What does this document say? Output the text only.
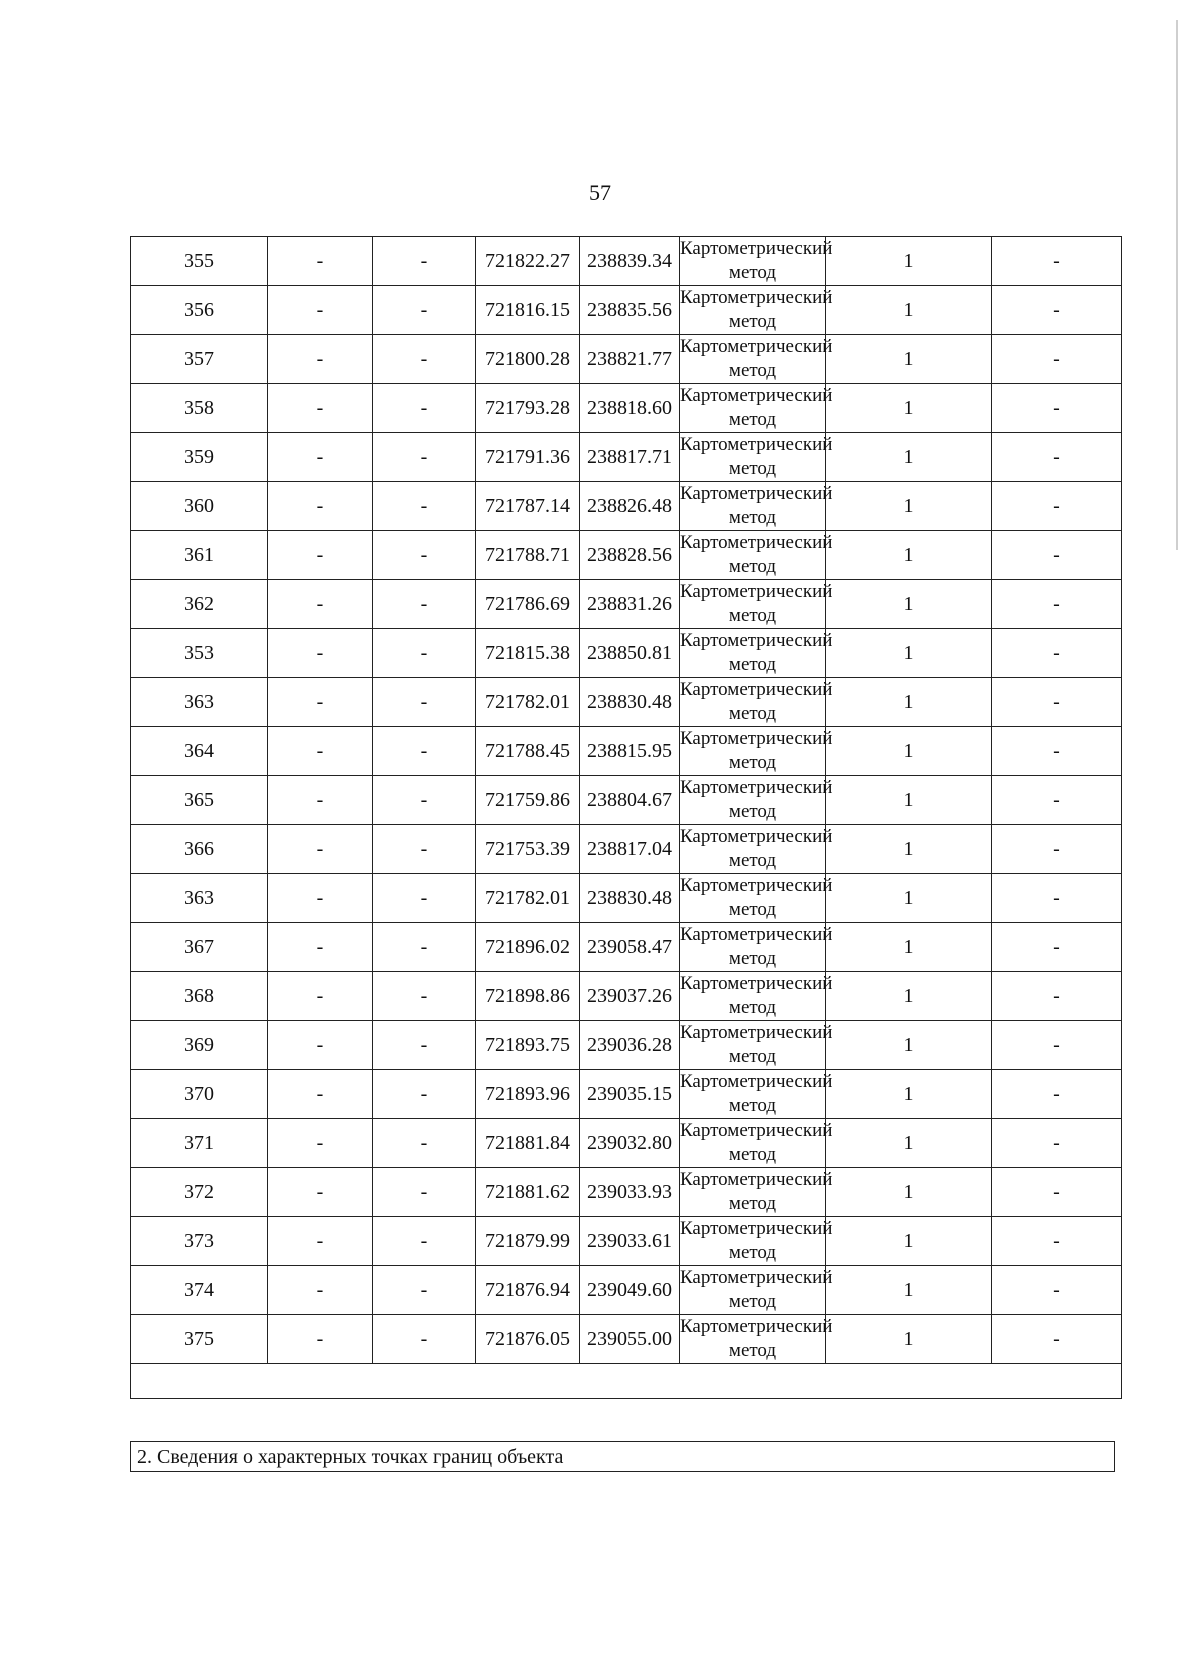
57
355	-	-	721822.27	238839.34	Картометрический метод	1	-
356	-	-	721816.15	238835.56	Картометрический метод	1	-
357	-	-	721800.28	238821.77	Картометрический метод	1	-
358	-	-	721793.28	238818.60	Картометрический метод	1	-
359	-	-	721791.36	238817.71	Картометрический метод	1	-
360	-	-	721787.14	238826.48	Картометрический метод	1	-
361	-	-	721788.71	238828.56	Картометрический метод	1	-
362	-	-	721786.69	238831.26	Картометрический метод	1	-
353	-	-	721815.38	238850.81	Картометрический метод	1	-
363	-	-	721782.01	238830.48	Картометрический метод	1	-
364	-	-	721788.45	238815.95	Картометрический метод	1	-
365	-	-	721759.86	238804.67	Картометрический метод	1	-
366	-	-	721753.39	238817.04	Картометрический метод	1	-
363	-	-	721782.01	238830.48	Картометрический метод	1	-
367	-	-	721896.02	239058.47	Картометрический метод	1	-
368	-	-	721898.86	239037.26	Картометрический метод	1	-
369	-	-	721893.75	239036.28	Картометрический метод	1	-
370	-	-	721893.96	239035.15	Картометрический метод	1	-
371	-	-	721881.84	239032.80	Картометрический метод	1	-
372	-	-	721881.62	239033.93	Картометрический метод	1	-
373	-	-	721879.99	239033.61	Картометрический метод	1	-
374	-	-	721876.94	239049.60	Картометрический метод	1	-
375	-	-	721876.05	239055.00	Картометрический метод	1	-

2. Сведения о характерных точках границ объекта
